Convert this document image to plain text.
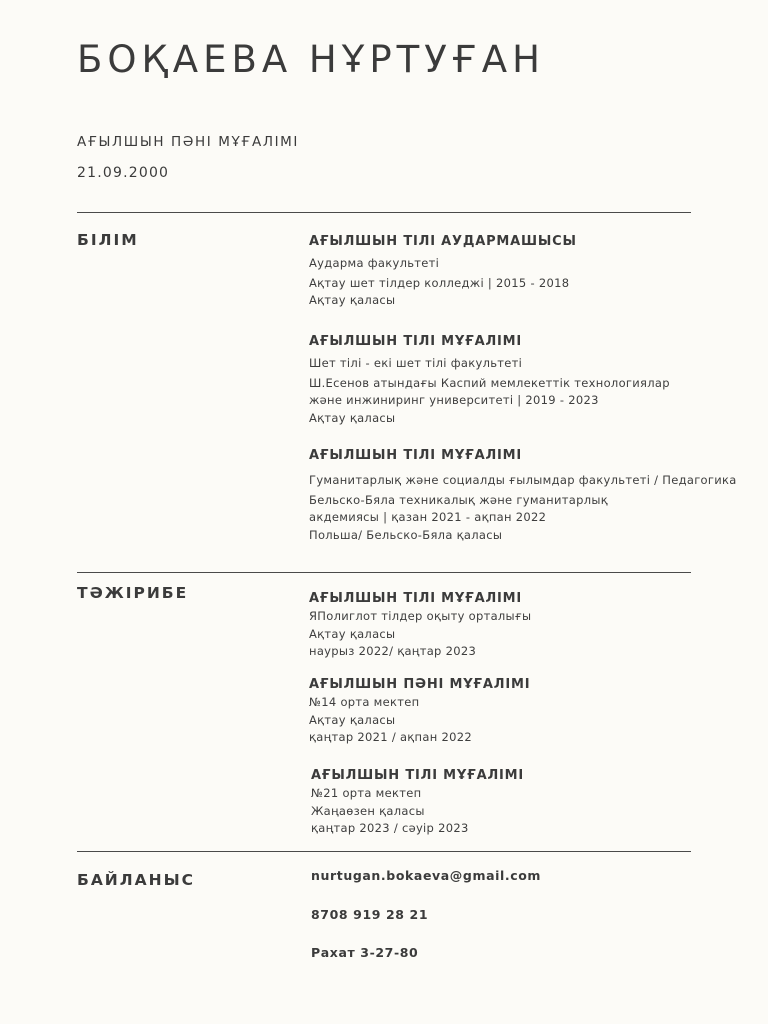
БОҚАЕВА НҰРТУҒАН
АҒЫЛШЫН ПӘНІ МҰҒАЛІМІ
21.09.2000
БІЛІМ	АҒЫЛШЫН ТІЛІ АУДАРМАШЫСЫ
Аударма факультеті
Ақтау шет тілдер колледжі | 2015 - 2018
Ақтау қаласы
АҒЫЛШЫН ТІЛІ МҰҒАЛІМІ
Шет тілі - екі шет тілі факультеті
Ш.Есенов атындағы Каспий мемлекеттік технологиялар
және инжиниринг университеті | 2019 - 2023
Ақтау қаласы
АҒЫЛШЫН ТІЛІ МҰҒАЛІМІ
Гуманитарлық және социалды ғылымдар факультеті / Педагогика
Бельско-Бяла техникалық және гуманитарлық
акдемиясы | қазан 2021 - ақпан 2022
Польша/ Бельско-Бяла қаласы
ТӘЖІРИБЕ	АҒЫЛШЫН ТІЛІ МҰҒАЛІМІ
ЯПолиглот тілдер оқыту орталығы
Ақтау қаласы
наурыз 2022/ қаңтар 2023
АҒЫЛШЫН ПӘНІ МҰҒАЛІМІ
№14 орта мектеп
Ақтау қаласы
қаңтар 2021 / ақпан 2022
АҒЫЛШЫН ТІЛІ МҰҒАЛІМІ
№21 орта мектеп
Жаңаөзен қаласы
қаңтар 2023 / сәуір 2023
БАЙЛАНЫС	nurtugan.bokaeva@gmail.com
8708 919 28 21
Рахат 3-27-80
